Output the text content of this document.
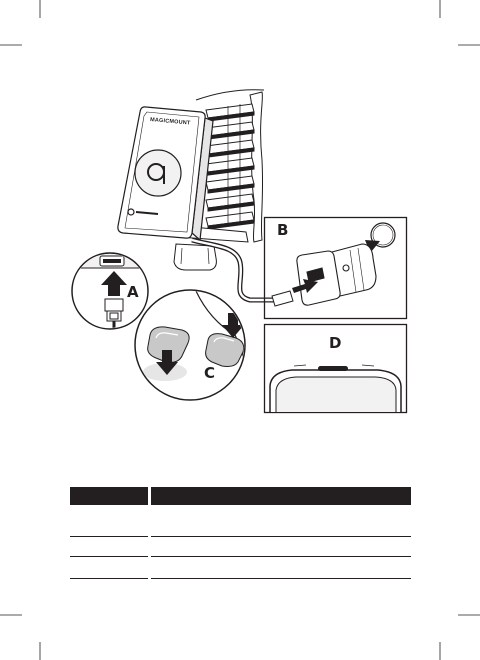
MAGICMOUNT
A
B
C
D
